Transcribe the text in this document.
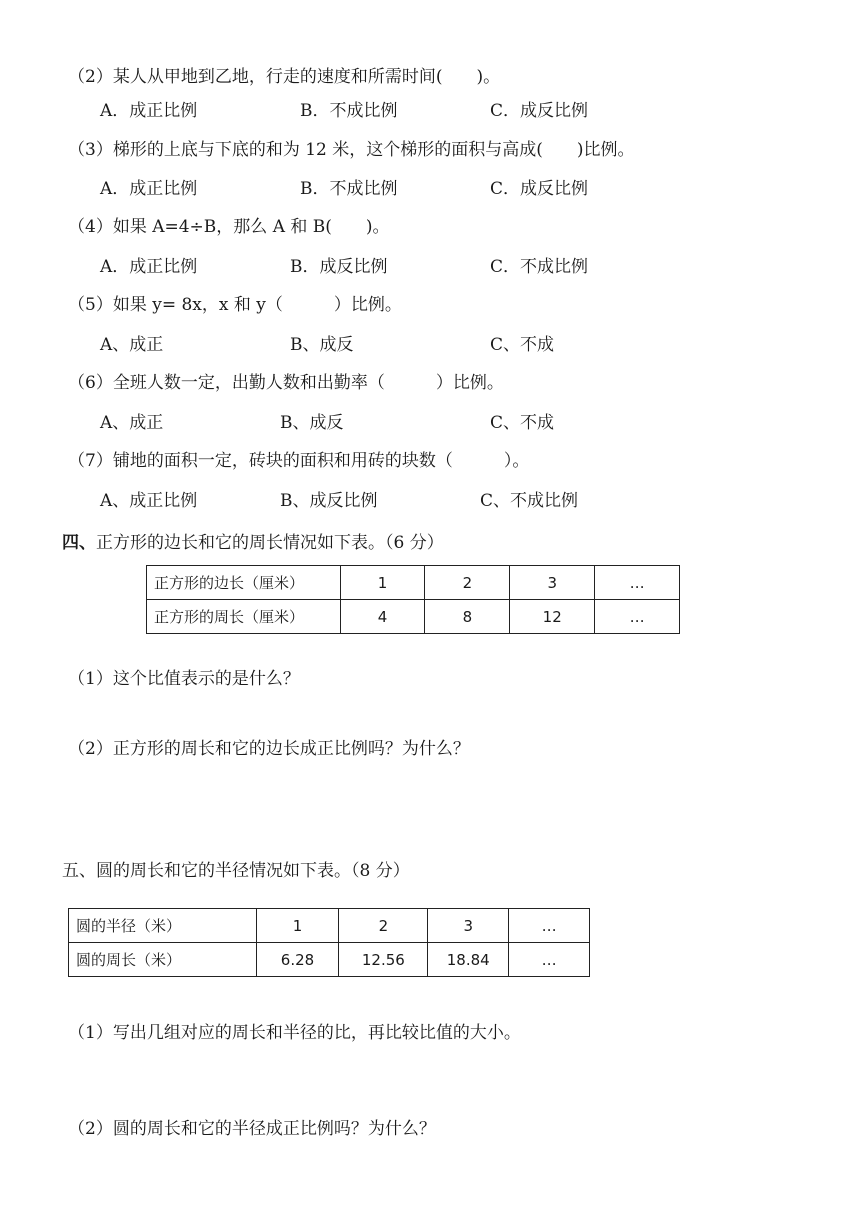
（2）某人从甲地到乙地，行走的速度和所需时间(　　)。
A．成正比例	B．不成比例	C．成反比例
（3）梯形的上底与下底的和为 12 米，这个梯形的面积与高成(　　)比例。
A．成正比例	B．不成比例	C．成反比例
（4）如果 A=4÷B，那么 A 和 B(　　)。
A．成正比例	B．成反比例	C．不成比例
（5）如果 y= 8x，x 和 y（　　　）比例。
A、成正	B、成反	C、不成
（6）全班人数一定，出勤人数和出勤率（　　　）比例。
A、成正	B、成反	C、不成
（7）铺地的面积一定，砖块的面积和用砖的块数（　　　）。
A、成正比例	B、成反比例	C、不成比例
四、正方形的边长和它的周长情况如下表。（6 分）
正方形的边长（厘米）	1	2	3	…
正方形的周长（厘米）	4	8	12	…
（1）这个比值表示的是什么？
（2）正方形的周长和它的边长成正比例吗？为什么？
五、圆的周长和它的半径情况如下表。（8 分）
圆的半径（米）	1	2	3	…
圆的周长（米）	6.28	12.56	18.84	…
（1）写出几组对应的周长和半径的比，再比较比值的大小。
（2）圆的周长和它的半径成正比例吗？为什么？
